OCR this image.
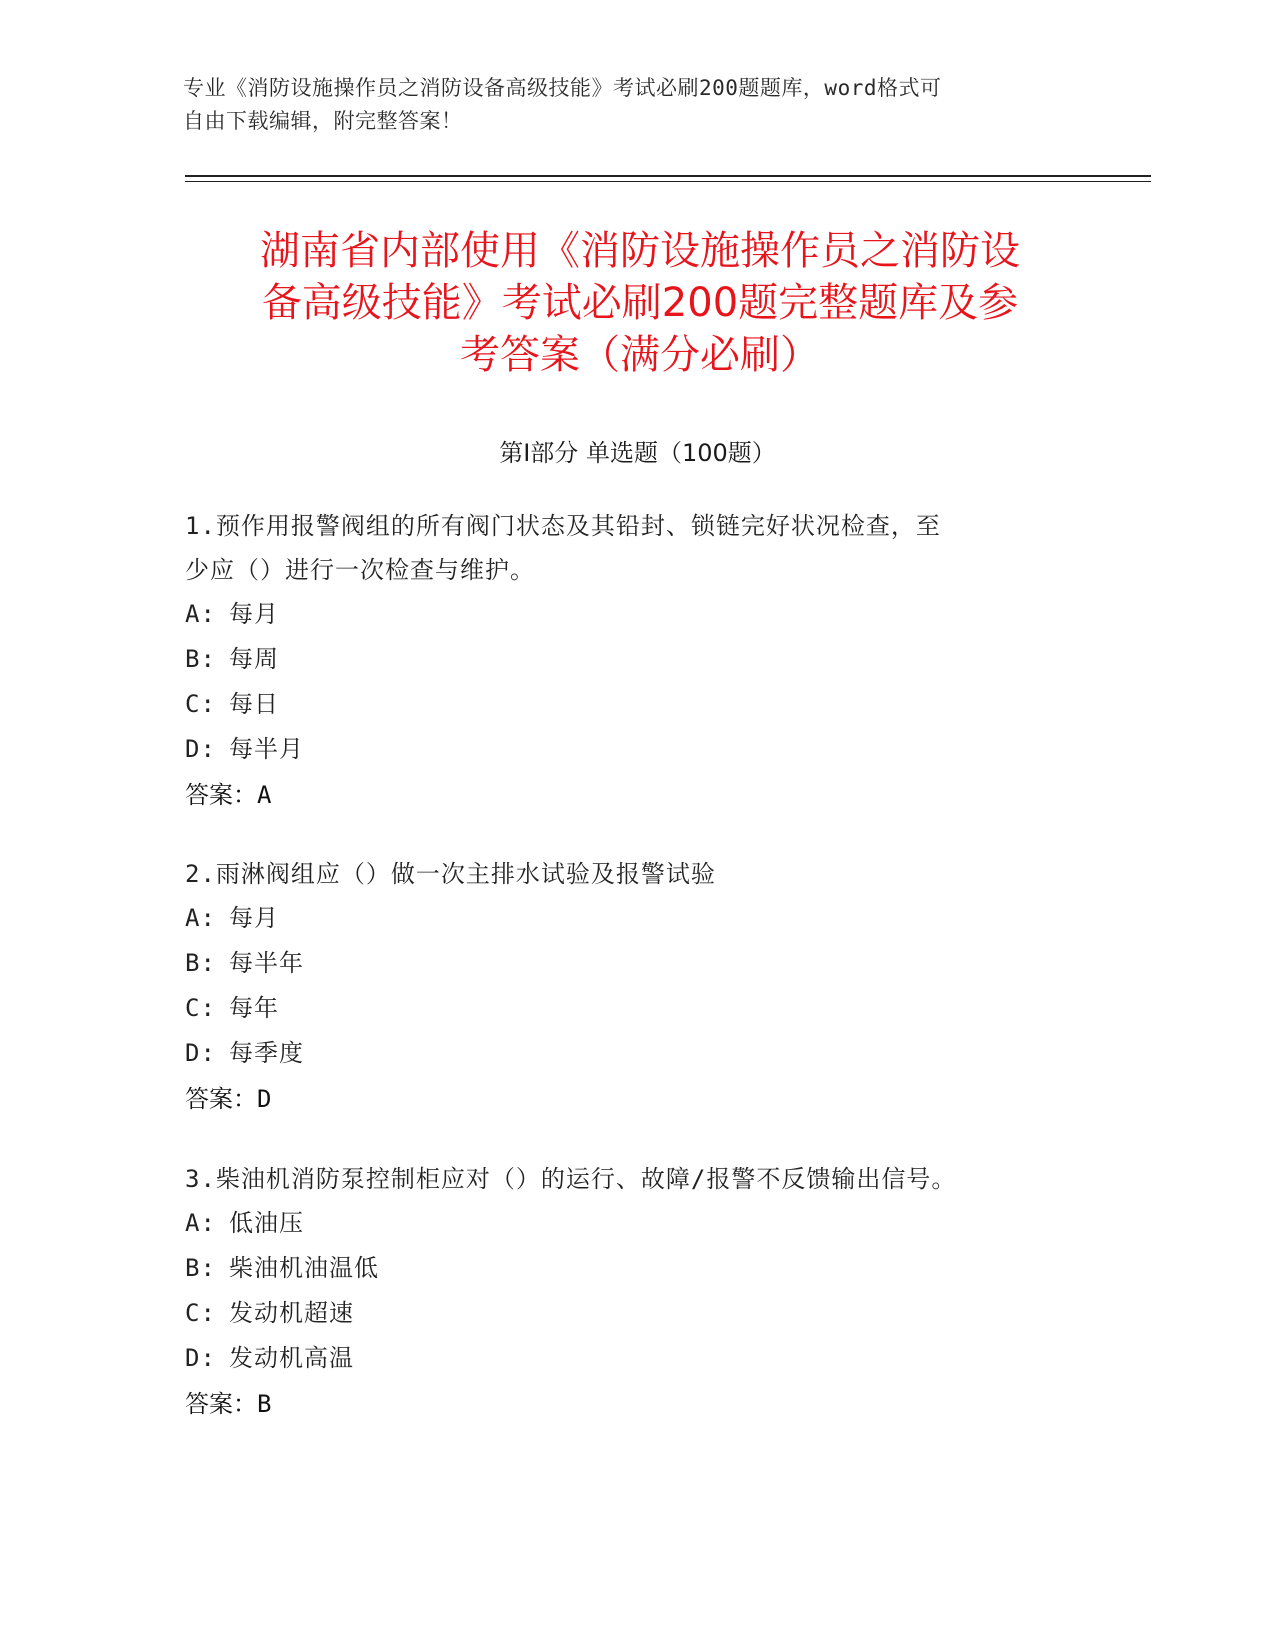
专业《消防设施操作员之消防设备高级技能》考试必刷200题题库，word格式可
自由下载编辑，附完整答案！
湖南省内部使用《消防设施操作员之消防设
备高级技能》考试必刷200题完整题库及参
考答案（满分必刷）
第Ⅰ部分 单选题（100题）
1.预作用报警阀组的所有阀门状态及其铅封、锁链完好状况检查，至
少应（）进行一次检查与维护。
A: 每月
B: 每周
C: 每日
D: 每半月
答案：A
2.雨淋阀组应（）做一次主排水试验及报警试验
A: 每月
B: 每半年
C: 每年
D: 每季度
答案：D
3.柴油机消防泵控制柜应对（）的运行、故障/报警不反馈输出信号。
A: 低油压
B: 柴油机油温低
C: 发动机超速
D: 发动机高温
答案：B
